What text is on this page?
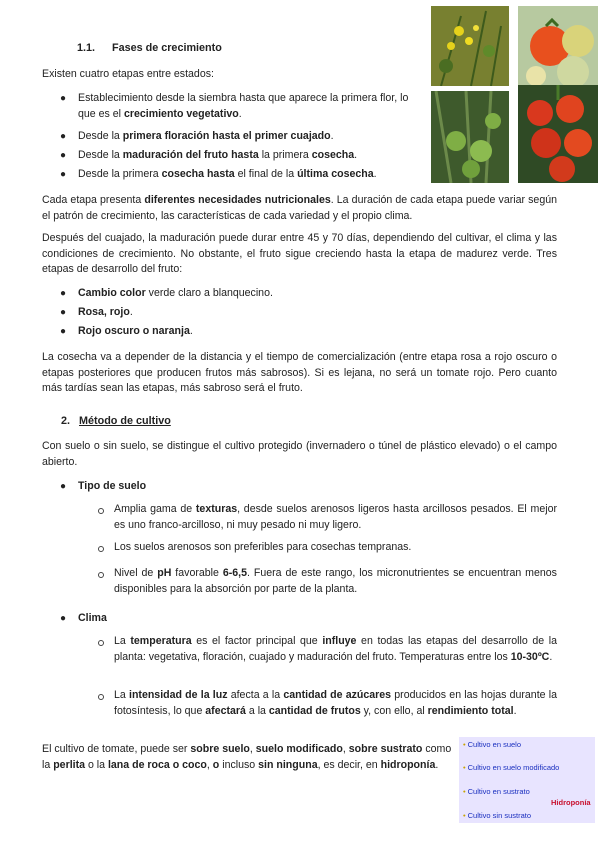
1.1. Fases de crecimiento
Existen cuatro etapas entre estados:
● Establecimiento desde la siembra hasta que aparece la primera flor, lo que es el crecimiento vegetativo.
● Desde la primera floración hasta el primer cuajado.
● Desde la maduración del fruto hasta la primera cosecha.
● Desde la primera cosecha hasta el final de la última cosecha.
Cada etapa presenta diferentes necesidades nutricionales. La duración de cada etapa puede variar según el patrón de crecimiento, las características de cada variedad y el propio clima.
Después del cuajado, la maduración puede durar entre 45 y 70 días, dependiendo del cultivar, el clima y las condiciones de crecimiento. No obstante, el fruto sigue creciendo hasta la etapa de madurez verde. Tres etapas de desarrollo del fruto:
● Cambio color verde claro a blanquecino.
● Rosa, rojo.
● Rojo oscuro o naranja.
La cosecha va a depender de la distancia y el tiempo de comercialización (entre etapa rosa a rojo oscuro o etapas posteriores que producen frutos más sabrosos). Si es lejana, no será un tomate rojo. Pero cuanto más tardías sean las etapas, más sabroso será el fruto.
2. Método de cultivo
Con suelo o sin suelo, se distingue el cultivo protegido (invernadero o túnel de plástico elevado) o el campo abierto.
● Tipo de suelo
Amplia gama de texturas, desde suelos arenosos ligeros hasta arcillosos pesados. El mejor es uno franco-arcilloso, ni muy pesado ni muy ligero.
Los suelos arenosos son preferibles para cosechas tempranas.
Nivel de pH favorable 6-6,5. Fuera de este rango, los micronutrientes se encuentran menos disponibles para la absorción por parte de la planta.
● Clima
La temperatura es el factor principal que influye en todas las etapas del desarrollo de la planta: vegetativa, floración, cuajado y maduración del fruto. Temperaturas entre los 10-30ºC.
La intensidad de la luz afecta a la cantidad de azúcares producidos en las hojas durante la fotosíntesis, lo que afectará a la cantidad de frutos y, con ello, al rendimiento total.
El cultivo de tomate, puede ser sobre suelo, suelo modificado, sobre sustrato como la perlita o la lana de roca o coco, o incluso sin ninguna, es decir, en hidroponía.
• Cultivo en suelo
• Cultivo en suelo modificado
• Cultivo en sustrato
Hidroponía
• Cultivo sin sustrato
